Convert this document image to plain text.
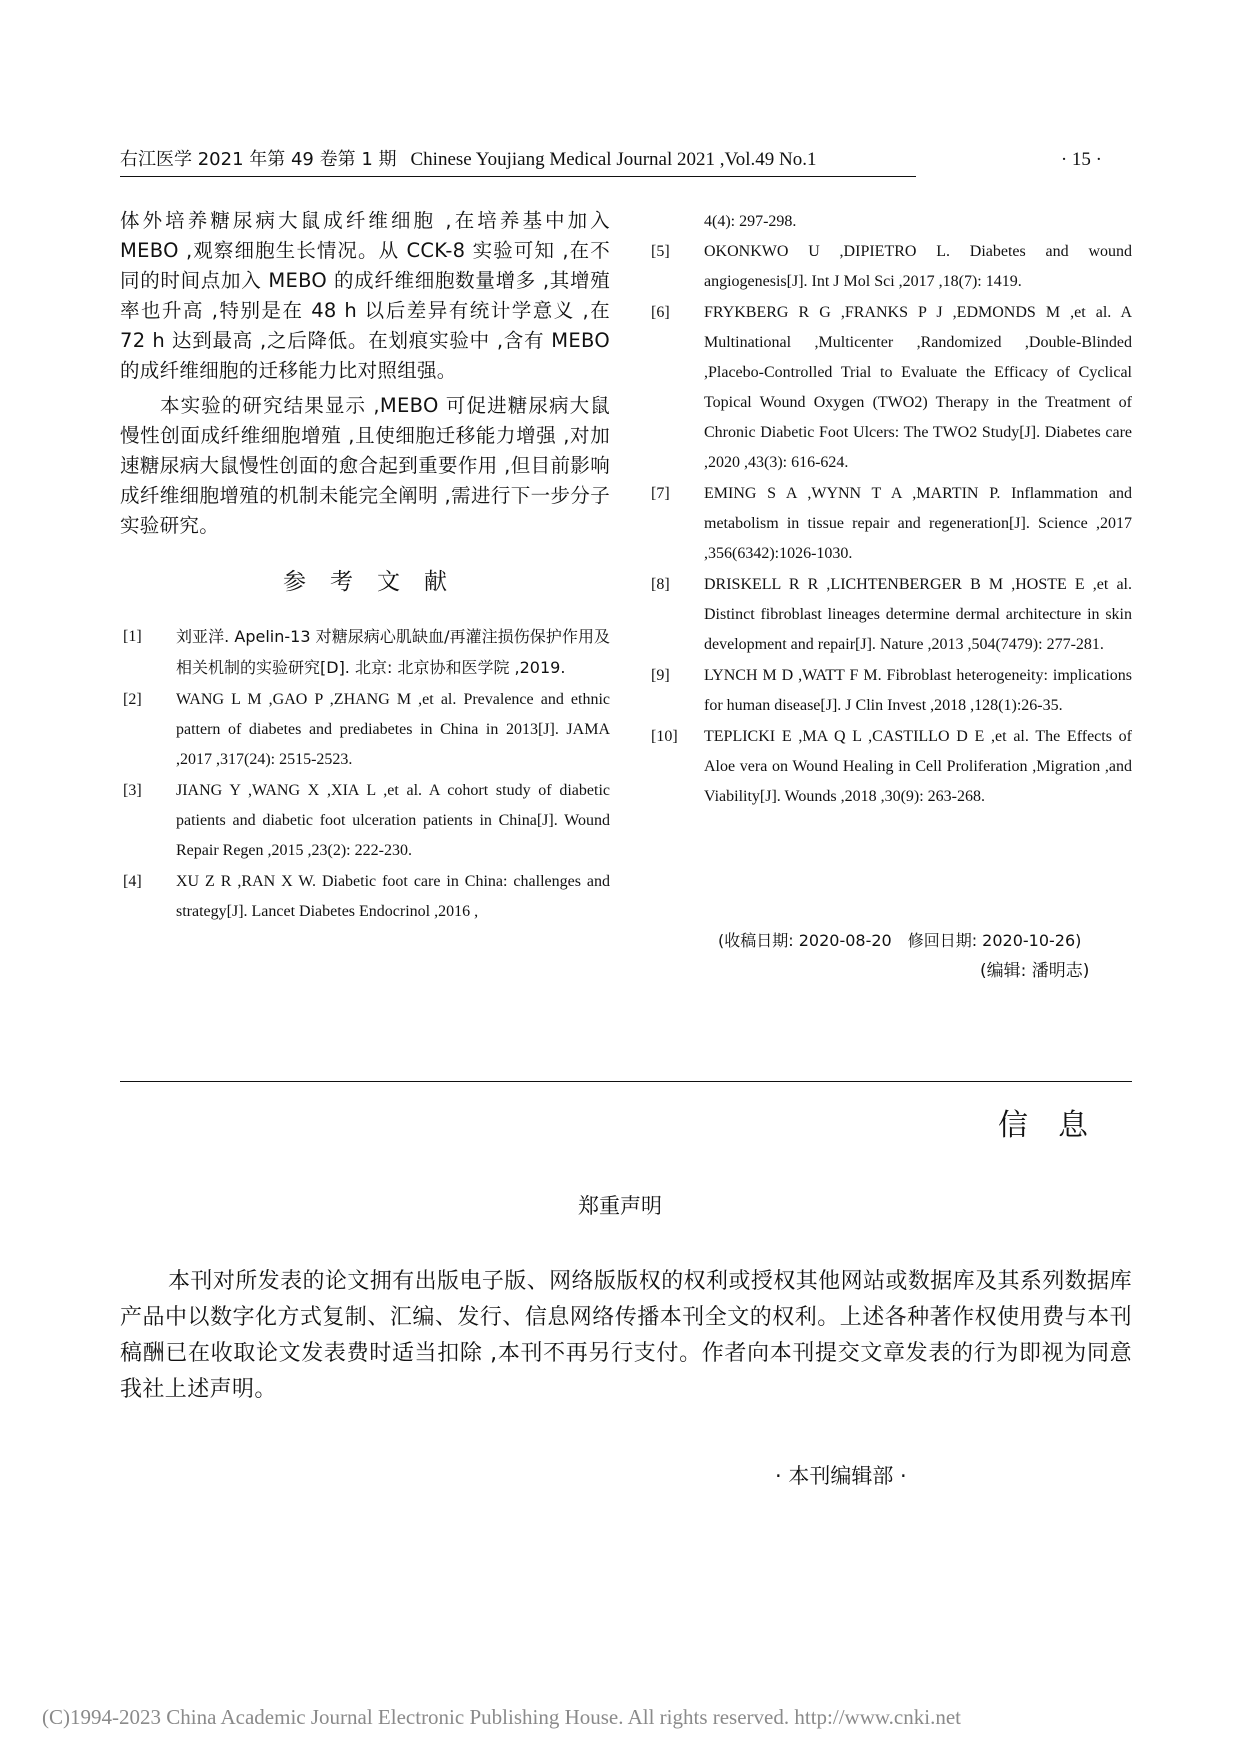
右江医学 2021 年第 49 卷第 1 期 Chinese Youjiang Medical Journal 2021 ,Vol.49 No.1	· 15 ·

体外培养糖尿病大鼠成纤维细胞 ,在培养基中加入 MEBO ,观察细胞生长情况。从 CCK-8 实验可知 ,在不同的时间点加入 MEBO 的成纤维细胞数量增多 ,其增殖率也升高 ,特别是在 48 h 以后差异有统计学意义 ,在 72 h 达到最高 ,之后降低。在划痕实验中 ,含有 MEBO 的成纤维细胞的迁移能力比对照组强。

本实验的研究结果显示 ,MEBO 可促进糖尿病大鼠慢性创面成纤维细胞增殖 ,且使细胞迁移能力增强 ,对加速糖尿病大鼠慢性创面的愈合起到重要作用 ,但目前影响成纤维细胞增殖的机制未能完全阐明 ,需进行下一步分子实验研究。

参考文献
[1] 刘亚洋. Apelin-13 对糖尿病心肌缺血/再灌注损伤保护作用及相关机制的实验研究[D]. 北京: 北京协和医学院 ,2019.
[2] WANG L M ,GAO P ,ZHANG M ,et al. Prevalence and ethnic pattern of diabetes and prediabetes in China in 2013[J]. JAMA ,2017 ,317(24): 2515-2523.
[3] JIANG Y ,WANG X ,XIA L ,et al. A cohort study of diabetic patients and diabetic foot ulceration patients in China[J]. Wound Repair Regen ,2015 ,23(2): 222-230.
[4] XU Z R ,RAN X W. Diabetic foot care in China: challenges and strategy[J]. Lancet Diabetes Endocrinol ,2016 ,
4(4): 297-298.
[5] OKONKWO U ,DIPIETRO L. Diabetes and wound angiogenesis[J]. Int J Mol Sci ,2017 ,18(7): 1419.
[6] FRYKBERG R G ,FRANKS P J ,EDMONDS M ,et al. A Multinational ,Multicenter ,Randomized ,Double-Blinded ,Placebo-Controlled Trial to Evaluate the Efficacy of Cyclical Topical Wound Oxygen (TWO2) Therapy in the Treatment of Chronic Diabetic Foot Ulcers: The TWO2 Study[J]. Diabetes care ,2020 ,43(3): 616-624.
[7] EMING S A ,WYNN T A ,MARTIN P. Inflammation and metabolism in tissue repair and regeneration[J]. Science ,2017 ,356(6342):1026-1030.
[8] DRISKELL R R ,LICHTENBERGER B M ,HOSTE E ,et al. Distinct fibroblast lineages determine dermal architecture in skin development and repair[J]. Nature ,2013 ,504(7479): 277-281.
[9] LYNCH M D ,WATT F M. Fibroblast heterogeneity: implications for human disease[J]. J Clin Invest ,2018 ,128(1):26-35.
[10] TEPLICKI E ,MA Q L ,CASTILLO D E ,et al. The Effects of Aloe vera on Wound Healing in Cell Proliferation ,Migration ,and Viability[J]. Wounds ,2018 ,30(9): 263-268.
(收稿日期: 2020-08-20　修回日期: 2020-10-26)
(编辑: 潘明志)
信息
郑重声明

本刊对所发表的论文拥有出版电子版、网络版版权的权利或授权其他网站或数据库及其系列数据库产品中以数字化方式复制、汇编、发行、信息网络传播本刊全文的权利。上述各种著作权使用费与本刊稿酬已在收取论文发表费时适当扣除 ,本刊不再另行支付。作者向本刊提交文章发表的行为即视为同意我社上述声明。

· 本刊编辑部 ·
(C)1994-2023 China Academic Journal Electronic Publishing House. All rights reserved. http://www.cnki.net
